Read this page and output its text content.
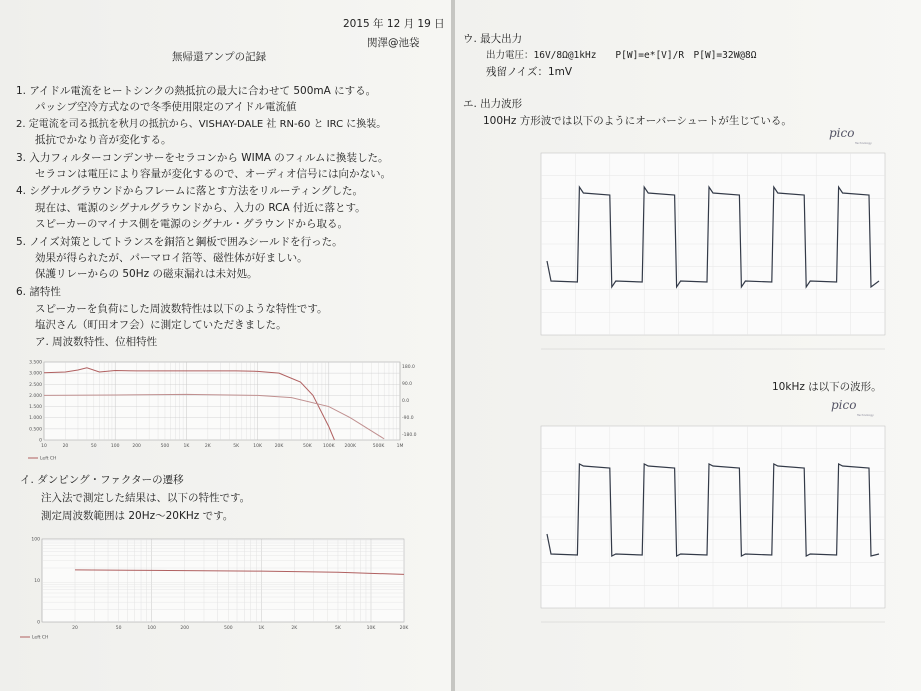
2015 年 12 月 19 日
関澤@池袋
無帰還アンプの記録
1. アイドル電流をヒートシンクの熱抵抗の最大に合わせて 500mA にする。
パッシブ空冷方式なので冬季使用限定のアイドル電流値
2. 定電流を司る抵抗を秋月の抵抗から、VISHAY-DALE 社 RN-60 と IRC に換装。
抵抗でかなり音が変化する。
3. 入力フィルターコンデンサーをセラコンから WIMA のフィルムに換装した。
セラコンは電圧により容量が変化するので、オーディオ信号には向かない。
4. シグナルグラウンドからフレームに落とす方法をリルーティングした。
現在は、電源のシグナルグラウンドから、入力の RCA 付近に落とす。
スピーカーのマイナス側を電源のシグナル・グラウンドから取る。
5. ノイズ対策としてトランスを銅箔と鋼板で囲みシールドを行った。
効果が得られたが、パーマロイ箔等、磁性体が好ましい。
保護リレーからの 50Hz の磁束漏れは未対処。
6. 諸特性
スピーカーを負荷にした周波数特性は以下のような特性です。
塩沢さん（町田オフ会）に測定していただきました。
ア. 周波数特性、位相特性
10	20	50	100	200	500	1K	2K	5K	10K	20K	50K	100K 200K	500K	1M
0
0.500
1.000
1.500
2.000
2.500
3.000
3.500
180.0
90.0
0.0
-90.0
-180.0
Left CH
イ. ダンピング・ファクターの遷移
注入法で測定した結果は、以下の特性です。
測定周波数範囲は 20Hz～20KHz です。
20	50	100	200	500	1K	2K	5K	10K	20K
0
10
100
Left CH
ウ. 最大出力
出力電圧：16V/8Ω@1kHz　　P[W]=e*[V]/R　P[W]=32W@8Ω
残留ノイズ：1mV
エ. 出力波形
100Hz 方形波では以下のようにオーバーシュートが生じている。
pico
Technology
10kHz は以下の波形。
pico
Technology
